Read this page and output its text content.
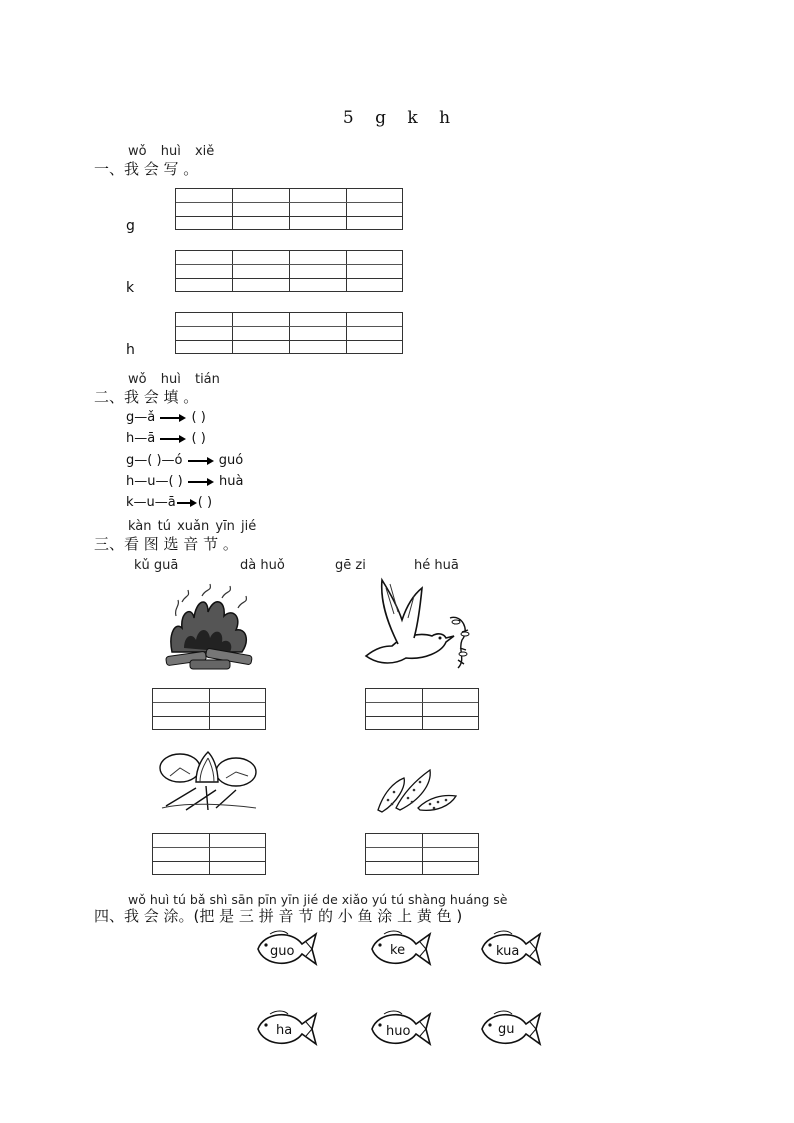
5 g k h
wǒ huì xiě
一、我 会 写 。
g
k
h
wǒ huì tián
二、我 会 填 。
g—ǎ	( )
h—ā	( )
g—( )—ó	guó
h—u—( )	huà
k—u—ā ( )
kàn tú xuǎn yīn jié
三、看 图 选 音 节 。
kǔ guā	dà huǒ	gē zi	hé huā
wǒ huì tú bǎ shì sān pīn yīn jié de xiǎo yú tú shàng huáng sè
四、我 会 涂。(把 是 三 拼 音 节 的 小 鱼 涂 上 黄 色 )
guo	ke	kua
ha	huo	gu
